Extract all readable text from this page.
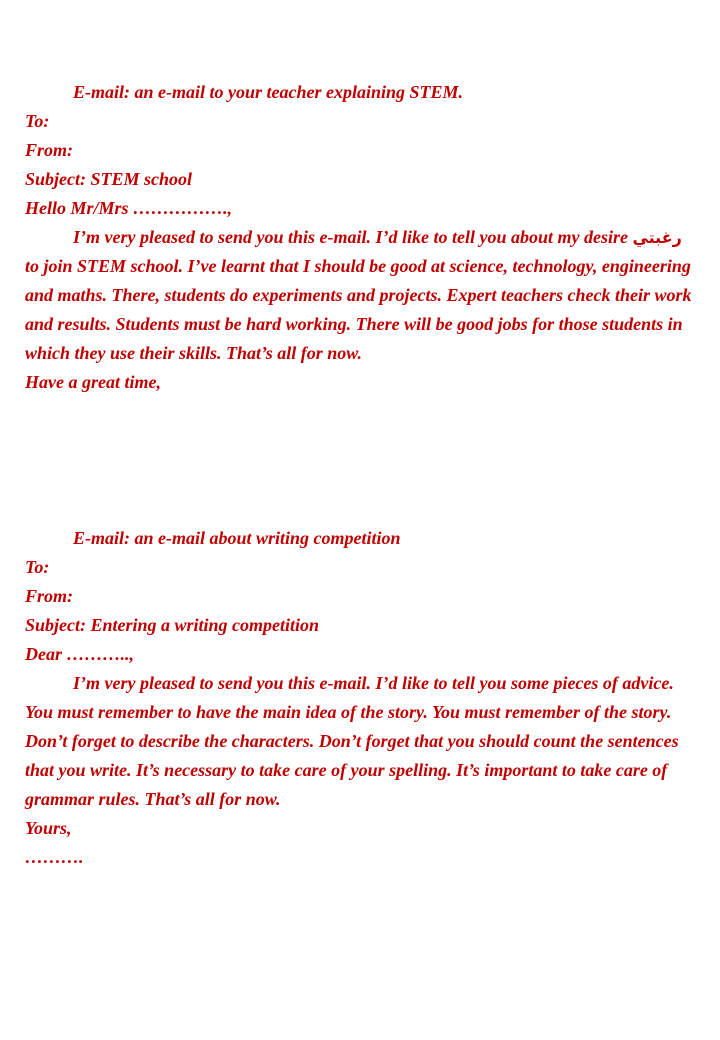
E-mail: an e-mail to your teacher explaining STEM.

To:

From:

Subject: STEM school

Hello Mr/Mrs …………….,

I’m very pleased to send you this e-mail. I’d like to tell you about my desire رغبتي to join STEM school. I’ve learnt that I should be good at science, technology, engineering and maths. There, students do experiments and projects. Expert teachers check their work and results. Students must be hard working. There will be good jobs for those students in which they use their skills. That’s all for now.

Have a great time,

E-mail: an e-mail about writing competition

To:

From:

Subject: Entering a writing competition

Dear ………..,

I’m very pleased to send you this e-mail. I’d like to tell you some pieces of advice. You must remember to have the main idea of the story. You must remember of the story. Don’t forget to describe the characters. Don’t forget that you should count the sentences that you write. It’s necessary to take care of your spelling. It’s important to take care of grammar rules. That’s all for now.

Yours,

……….
